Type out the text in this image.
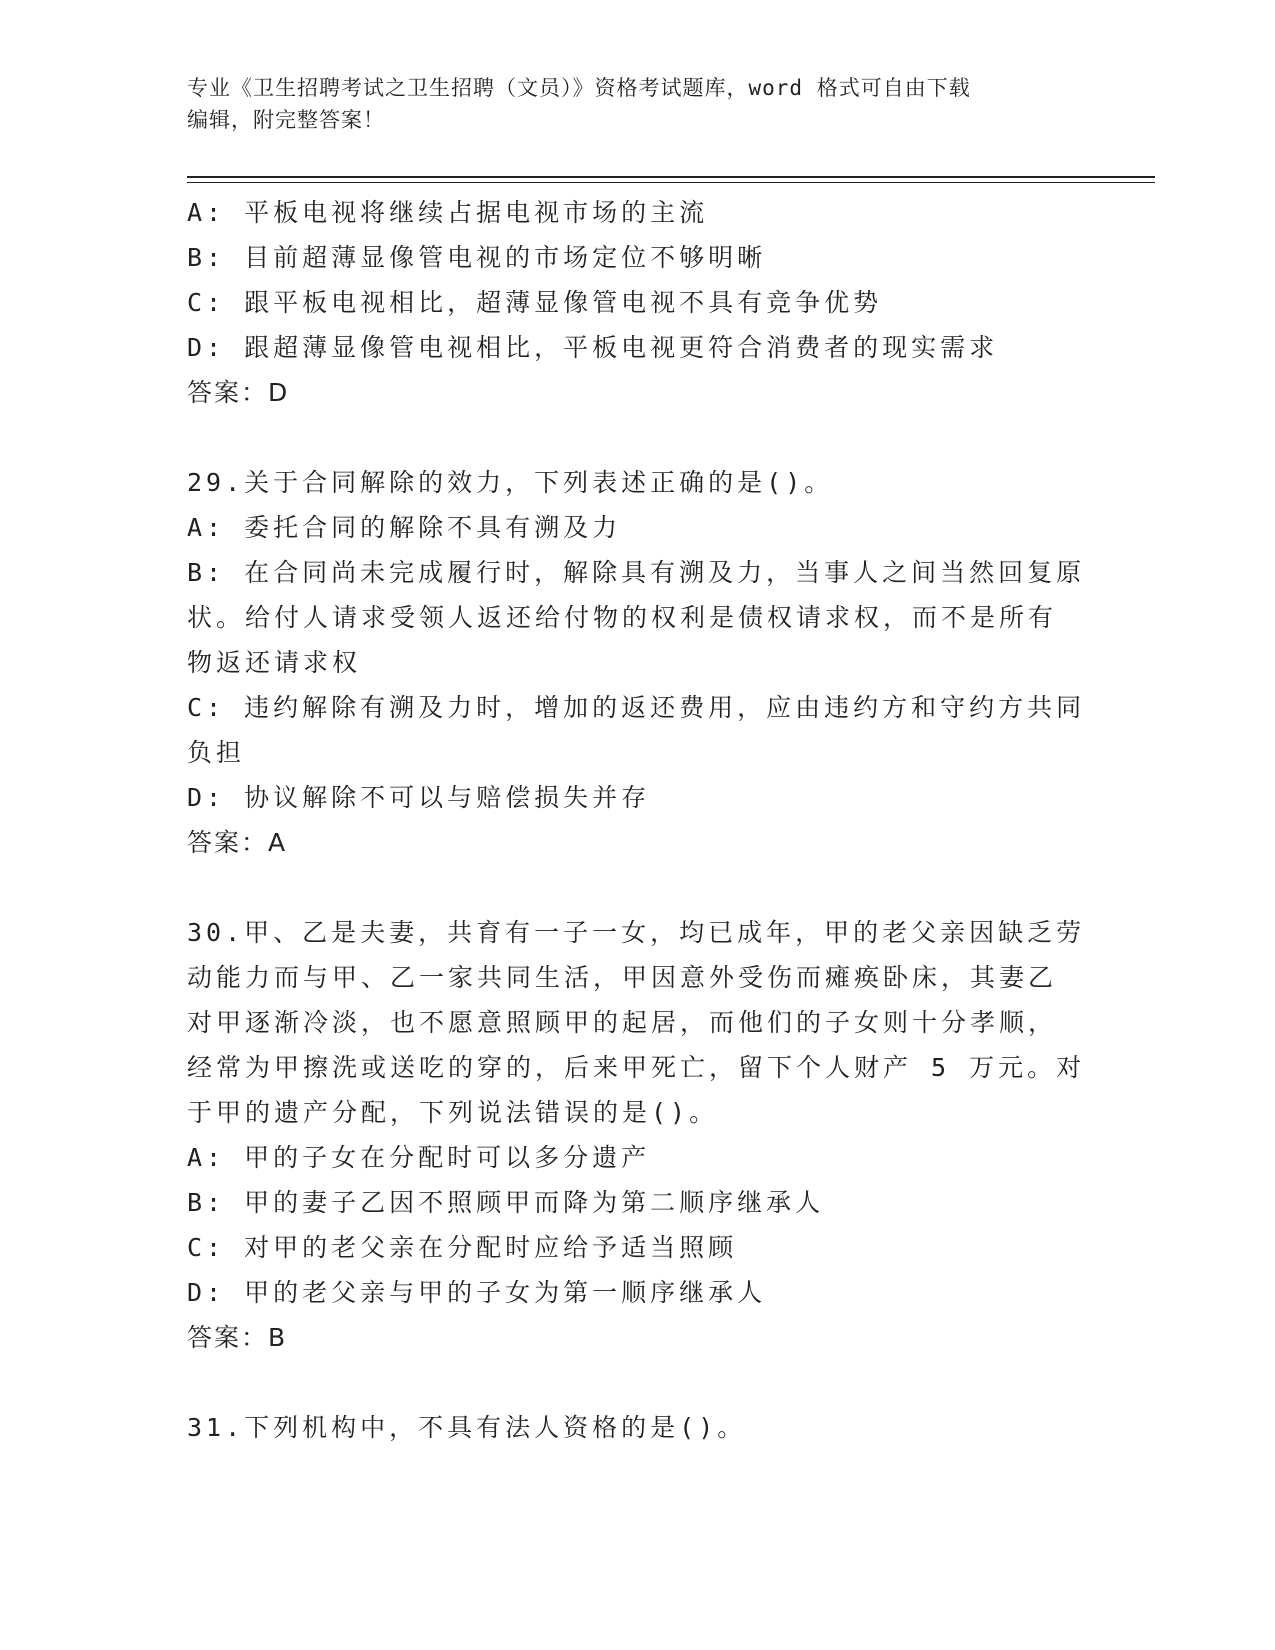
专业《卫生招聘考试之卫生招聘（文员）》资格考试题库，word 格式可自由下载
编辑，附完整答案！
A: 平板电视将继续占据电视市场的主流
B: 目前超薄显像管电视的市场定位不够明晰
C: 跟平板电视相比，超薄显像管电视不具有竞争优势
D: 跟超薄显像管电视相比，平板电视更符合消费者的现实需求
答案：D
29.关于合同解除的效力，下列表述正确的是()。
A: 委托合同的解除不具有溯及力
B: 在合同尚未完成履行时，解除具有溯及力，当事人之间当然回复原
状。给付人请求受领人返还给付物的权利是债权请求权，而不是所有
物返还请求权
C: 违约解除有溯及力时，增加的返还费用，应由违约方和守约方共同
负担
D: 协议解除不可以与赔偿损失并存
答案：A
30.甲、乙是夫妻，共育有一子一女，均已成年，甲的老父亲因缺乏劳
动能力而与甲、乙一家共同生活，甲因意外受伤而瘫痪卧床，其妻乙
对甲逐渐冷淡，也不愿意照顾甲的起居，而他们的子女则十分孝顺，
经常为甲擦洗或送吃的穿的，后来甲死亡，留下个人财产 5 万元。对
于甲的遗产分配，下列说法错误的是()。
A: 甲的子女在分配时可以多分遗产
B: 甲的妻子乙因不照顾甲而降为第二顺序继承人
C: 对甲的老父亲在分配时应给予适当照顾
D: 甲的老父亲与甲的子女为第一顺序继承人
答案：B
31.下列机构中，不具有法人资格的是()。
